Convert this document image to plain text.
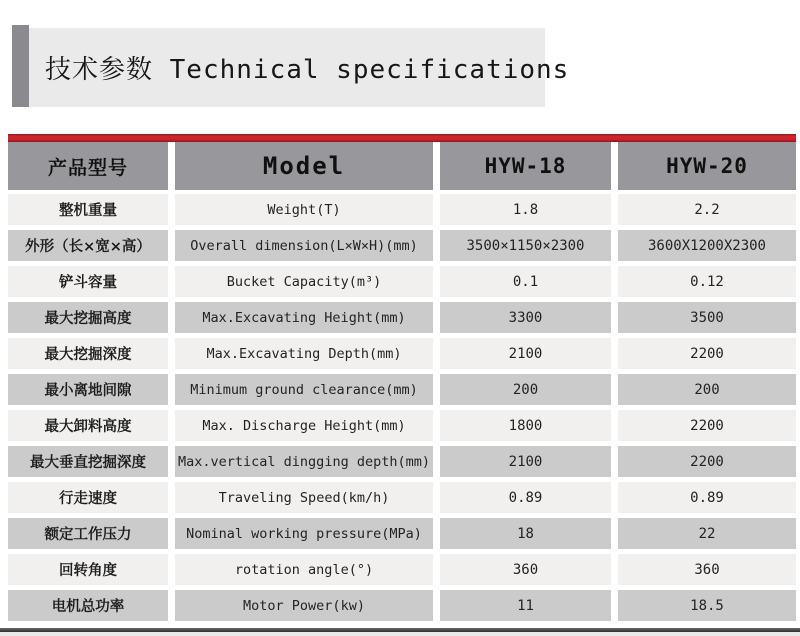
技术参数 Technical specifications
产品型号	Model	HYW-18	HYW-20
整机重量	Weight(T)	1.8	2.2
外形（长×宽×高）	Overall dimension(L×W×H)(mm)	3500×1150×2300	3600X1200X2300
铲斗容量	Bucket Capacity(m³)	0.1	0.12
最大挖掘高度	Max.Excavating Height(mm)	3300	3500
最大挖掘深度	Max.Excavating Depth(mm)	2100	2200
最小离地间隙	Minimum ground clearance(mm)	200	200
最大卸料高度	Max. Discharge Height(mm)	1800	2200
最大垂直挖掘深度	Max.vertical dingging depth(mm)	2100	2200
行走速度	Traveling Speed(km/h)	0.89	0.89
额定工作压力	Nominal working pressure(MPa)	18	22
回转角度	rotation angle(°)	360	360
电机总功率	Motor Power(kw)	11	18.5
